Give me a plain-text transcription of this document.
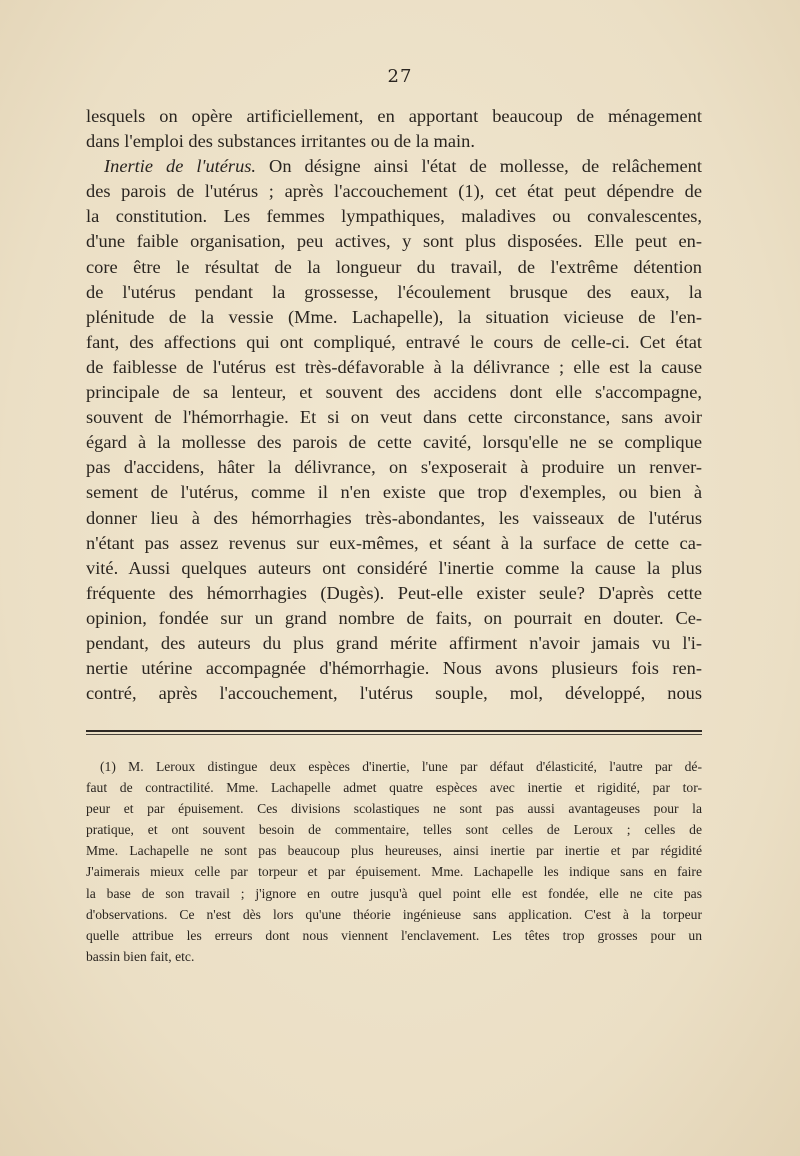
27
lesquels on opère artificiellement, en apportant beaucoup de ménagement
dans l'emploi des substances irritantes ou de la main.
Inertie de l'utérus. On désigne ainsi l'état de mollesse, de relâchement
des parois de l'utérus ; après l'accouchement (1), cet état peut dépendre de
la constitution. Les femmes lympathiques, maladives ou convalescentes,
d'une faible organisation, peu actives, y sont plus disposées. Elle peut en-
core être le résultat de la longueur du travail, de l'extrême détention
de l'utérus pendant la grossesse, l'écoulement brusque des eaux, la
plénitude de la vessie (Mme. Lachapelle), la situation vicieuse de l'en-
fant, des affections qui ont compliqué, entravé le cours de celle-ci. Cet état
de faiblesse de l'utérus est très-défavorable à la délivrance ; elle est la cause
principale de sa lenteur, et souvent des accidens dont elle s'accompagne,
souvent de l'hémorrhagie. Et si on veut dans cette circonstance, sans avoir
égard à la mollesse des parois de cette cavité, lorsqu'elle ne se complique
pas d'accidens, hâter la délivrance, on s'exposerait à produire un renver-
sement de l'utérus, comme il n'en existe que trop d'exemples, ou bien à
donner lieu à des hémorrhagies très-abondantes, les vaisseaux de l'utérus
n'étant pas assez revenus sur eux-mêmes, et séant à la surface de cette ca-
vité. Aussi quelques auteurs ont considéré l'inertie comme la cause la plus
fréquente des hémorrhagies (Dugès). Peut-elle exister seule? D'après cette
opinion, fondée sur un grand nombre de faits, on pourrait en douter. Ce-
pendant, des auteurs du plus grand mérite affirment n'avoir jamais vu l'i-
nertie utérine accompagnée d'hémorrhagie. Nous avons plusieurs fois ren-
contré, après l'accouchement, l'utérus souple, mol, développé, nous
(1) M. Leroux distingue deux espèces d'inertie, l'une par défaut d'élasticité, l'autre par dé-
faut de contractilité. Mme. Lachapelle admet quatre espèces avec inertie et rigidité, par tor-
peur et par épuisement. Ces divisions scolastiques ne sont pas aussi avantageuses pour la
pratique, et ont souvent besoin de commentaire, telles sont celles de Leroux ; celles de
Mme. Lachapelle ne sont pas beaucoup plus heureuses, ainsi inertie par inertie et par régidité
J'aimerais mieux celle par torpeur et par épuisement. Mme. Lachapelle les indique sans en faire
la base de son travail ; j'ignore en outre jusqu'à quel point elle est fondée, elle ne cite pas
d'observations. Ce n'est dès lors qu'une théorie ingénieuse sans application. C'est à la torpeur
quelle attribue les erreurs dont nous viennent l'enclavement. Les têtes trop grosses pour un
bassin bien fait, etc.
